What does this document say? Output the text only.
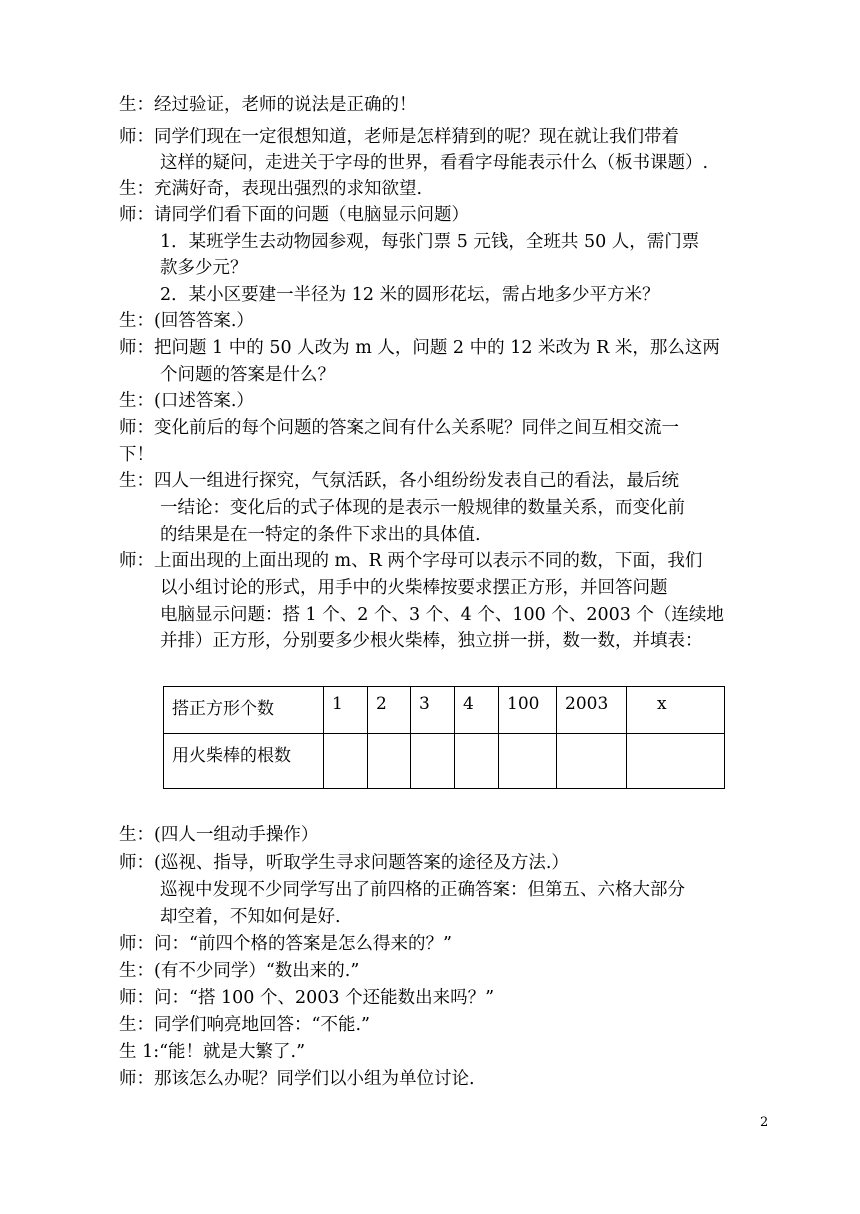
生：经过验证，老师的说法是正确的！
师：同学们现在一定很想知道，老师是怎样猜到的呢？现在就让我们带着
这样的疑问，走进关于字母的世界，看看字母能表示什么（板书课题）.
生：充满好奇，表现出强烈的求知欲望.
师：请同学们看下面的问题（电脑显示问题）
1．某班学生去动物园参观，每张门票 5 元钱，全班共 50 人，需门票
款多少元？
2．某小区要建一半径为 12 米的圆形花坛，需占地多少平方米？
生：(回答答案.）
师：把问题 1 中的 50 人改为 m 人，问题 2 中的 12 米改为 R 米，那么这两
个问题的答案是什么？
生：(口述答案.）
师：变化前后的每个问题的答案之间有什么关系呢？同伴之间互相交流一
下！
生：四人一组进行探究，气氛活跃，各小组纷纷发表自己的看法，最后统
一结论：变化后的式子体现的是表示一般规律的数量关系，而变化前
的结果是在一特定的条件下求出的具体值.
师：上面出现的上面出现的 m、R 两个字母可以表示不同的数，下面，我们
以小组讨论的形式，用手中的火柴棒按要求摆正方形，并回答问题
电脑显示问题：搭 1 个、2 个、3 个、4 个、100 个、2003 个（连续地
并排）正方形，分别要多少根火柴棒，独立拼一拼，数一数，并填表：
搭正方形个数	1	2	3	4	100	2003	x
用火柴棒的根数							
生：(四人一组动手操作）
师：(巡视、指导，听取学生寻求问题答案的途径及方法.）
巡视中发现不少同学写出了前四格的正确答案：但第五、六格大部分
却空着，不知如何是好.
师：问：“前四个格的答案是怎么得来的？”
生：(有不少同学）“数出来的.”
师：问：“搭 100 个、2003 个还能数出来吗？”
生：同学们响亮地回答：“不能.”
生 1:“能！就是大繁了.”
师：那该怎么办呢？同学们以小组为单位讨论.
2
